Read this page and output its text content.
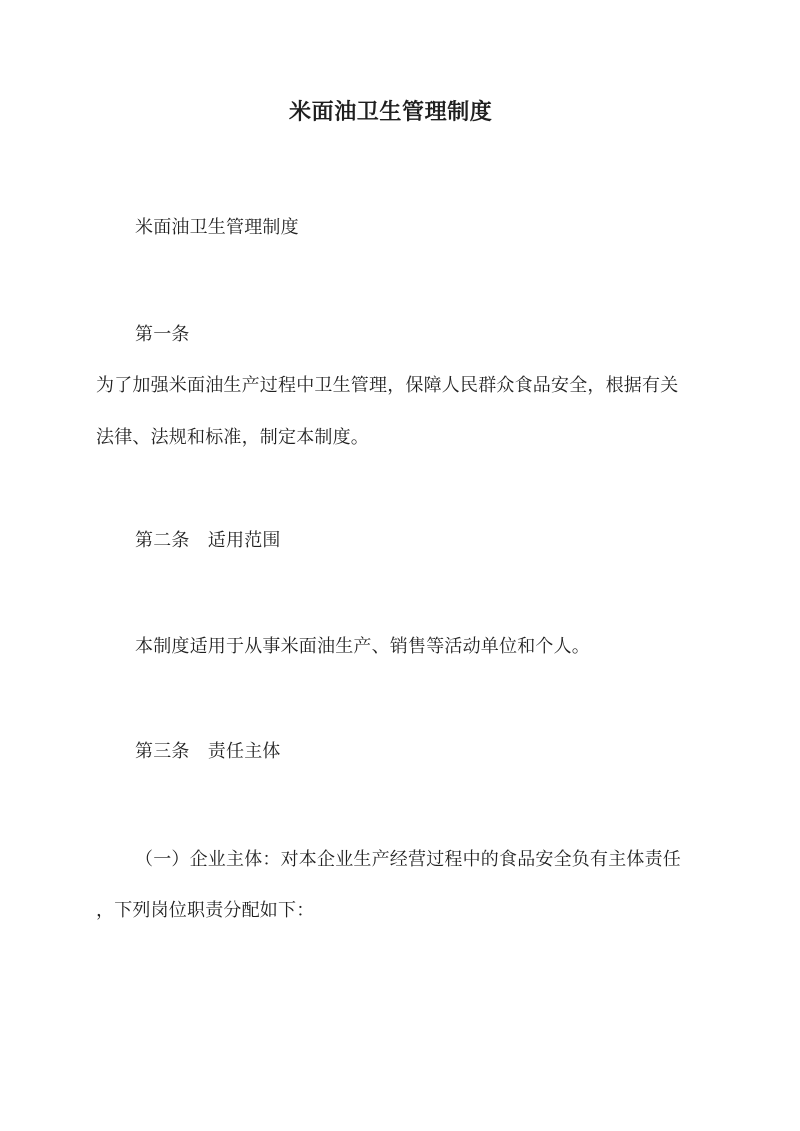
米面油卫生管理制度
米面油卫生管理制度
第一条
为了加强米面油生产过程中卫生管理，保障人民群众食品安全，根据有关
法律、法规和标准，制定本制度。
第二条　适用范围
本制度适用于从事米面油生产、销售等活动单位和个人。
第三条　责任主体
（一）企业主体：对本企业生产经营过程中的食品安全负有主体责任
，下列岗位职责分配如下：
